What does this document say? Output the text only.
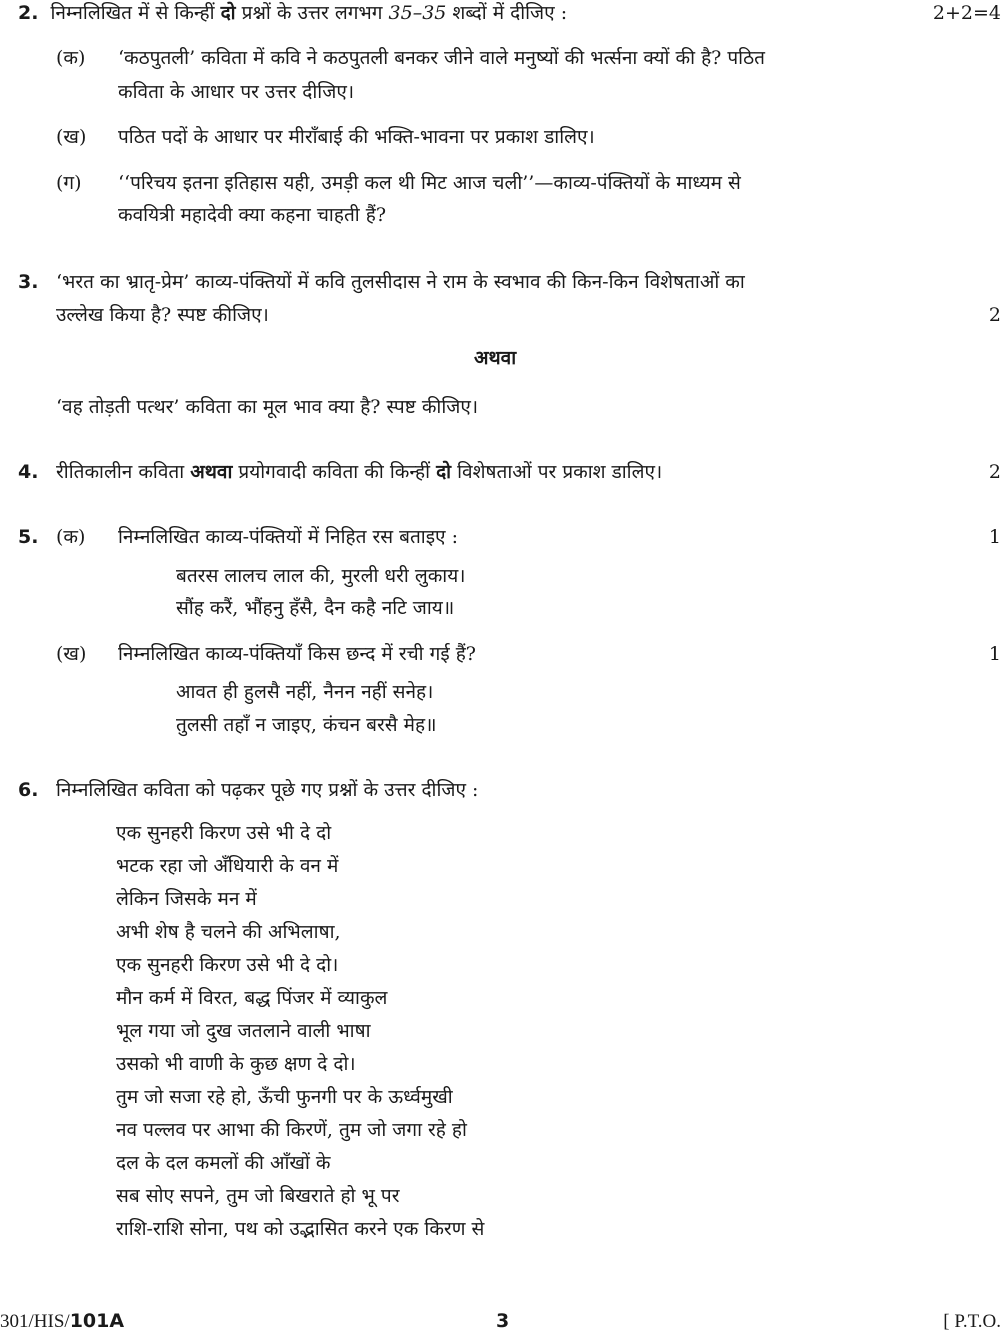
2. निम्नलिखित में से किन्हीं दो प्रश्नों के उत्तर लगभग 35–35 शब्दों में दीजिए :	2+2=4
(क) ‘कठपुतली’ कविता में कवि ने कठपुतली बनकर जीने वाले मनुष्यों की भर्त्सना क्यों की है? पठित
कविता के आधार पर उत्तर दीजिए।
(ख) पठित पदों के आधार पर मीराँबाई की भक्ति-भावना पर प्रकाश डालिए।
(ग) ‘‘परिचय इतना इतिहास यही, उमड़ी कल थी मिट आज चली’’—काव्य-पंक्तियों के माध्यम से
कवयित्री महादेवी क्या कहना चाहती हैं?
3. ‘भरत का भ्रातृ-प्रेम’ काव्य-पंक्तियों में कवि तुलसीदास ने राम के स्वभाव की किन-किन विशेषताओं का
उल्लेख किया है? स्पष्ट कीजिए।	2
अथवा
‘वह तोड़ती पत्थर’ कविता का मूल भाव क्या है? स्पष्ट कीजिए।
4. रीतिकालीन कविता अथवा प्रयोगवादी कविता की किन्हीं दो विशेषताओं पर प्रकाश डालिए।	2
5. (क) निम्नलिखित काव्य-पंक्तियों में निहित रस बताइए :	1
बतरस लालच लाल की, मुरली धरी लुकाय।
सौंह करैं, भौंहनु हँसै, दैन कहै नटि जाय॥
(ख) निम्नलिखित काव्य-पंक्तियाँ किस छन्द में रची गई हैं?	1
आवत ही हुलसै नहीं, नैनन नहीं सनेह।
तुलसी तहाँ न जाइए, कंचन बरसै मेह॥
6. निम्नलिखित कविता को पढ़कर पूछे गए प्रश्नों के उत्तर दीजिए :
एक सुनहरी किरण उसे भी दे दो
भटक रहा जो अँधियारी के वन में
लेकिन जिसके मन में
अभी शेष है चलने की अभिलाषा,
एक सुनहरी किरण उसे भी दे दो।
मौन कर्म में विरत, बद्ध पिंजर में व्याकुल
भूल गया जो दुख जतलाने वाली भाषा
उसको भी वाणी के कुछ क्षण दे दो।
तुम जो सजा रहे हो, ऊँची फुनगी पर के ऊर्ध्वमुखी
नव पल्लव पर आभा की किरणें, तुम जो जगा रहे हो
दल के दल कमलों की आँखों के
सब सोए सपने, तुम जो बिखराते हो भू पर
राशि-राशि सोना, पथ को उद्भासित करने एक किरण से
301/HIS/101A	3	[ P.T.O.
